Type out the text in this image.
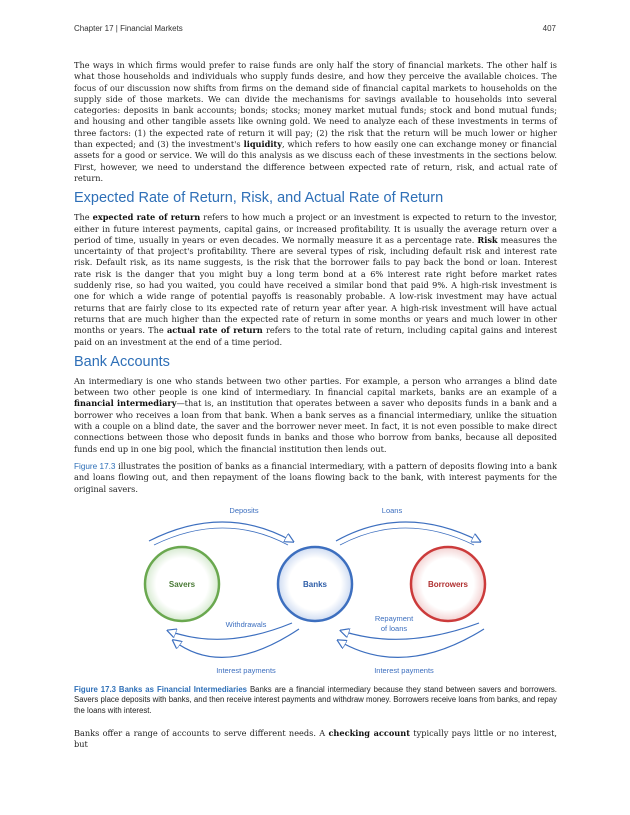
Chapter 17 | Financial Markets	407

The ways in which firms would prefer to raise funds are only half the story of financial markets. The other half is what those households and individuals who supply funds desire, and how they perceive the available choices. The focus of our discussion now shifts from firms on the demand side of financial capital markets to households on the supply side of those markets. We can divide the mechanisms for savings available to households into several categories: deposits in bank accounts; bonds; stocks; money market mutual funds; stock and bond mutual funds; and housing and other tangible assets like owning gold. We need to analyze each of these investments in terms of three factors: (1) the expected rate of return it will pay; (2) the risk that the return will be much lower or higher than expected; and (3) the investment's liquidity, which refers to how easily one can exchange money or financial assets for a good or service. We will do this analysis as we discuss each of these investments in the sections below. First, however, we need to understand the difference between expected rate of return, risk, and actual rate of return.

Expected Rate of Return, Risk, and Actual Rate of Return

The expected rate of return refers to how much a project or an investment is expected to return to the investor, either in future interest payments, capital gains, or increased profitability. It is usually the average return over a period of time, usually in years or even decades. We normally measure it as a percentage rate. Risk measures the uncertainty of that project's profitability. There are several types of risk, including default risk and interest rate risk. Default risk, as its name suggests, is the risk that the borrower fails to pay back the bond or loan. Interest rate risk is the danger that you might buy a long term bond at a 6% interest rate right before market rates suddenly rise, so had you waited, you could have received a similar bond that paid 9%. A high-risk investment is one for which a wide range of potential payoffs is reasonably probable. A low-risk investment may have actual returns that are fairly close to its expected rate of return year after year. A high-risk investment will have actual returns that are much higher than the expected rate of return in some months or years and much lower in other months or years. The actual rate of return refers to the total rate of return, including capital gains and interest paid on an investment at the end of a time period.

Bank Accounts

An intermediary is one who stands between two other parties. For example, a person who arranges a blind date between two other people is one kind of intermediary. In financial capital markets, banks are an example of a financial intermediary—that is, an institution that operates between a saver who deposits funds in a bank and a borrower who receives a loan from that bank. When a bank serves as a financial intermediary, unlike the situation with a couple on a blind date, the saver and the borrower never meet. In fact, it is not even possible to make direct connections between those who deposit funds in banks and those who borrow from banks, because all deposited funds end up in one big pool, which the financial institution then lends out.

Figure 17.3 illustrates the position of banks as a financial intermediary, with a pattern of deposits flowing into a bank and loans flowing out, and then repayment of the loans flowing back to the bank, with interest payments for the original savers.

Savers	Banks	Borrowers
Deposits	Loans
Withdrawals
Repayment
of loans
Interest payments	Interest payments

Figure 17.3 Banks as Financial Intermediaries Banks are a financial intermediary because they stand between savers and borrowers. Savers place deposits with banks, and then receive interest payments and withdraw money. Borrowers receive loans from banks, and repay the loans with interest.

Banks offer a range of accounts to serve different needs. A checking account typically pays little or no interest, but
